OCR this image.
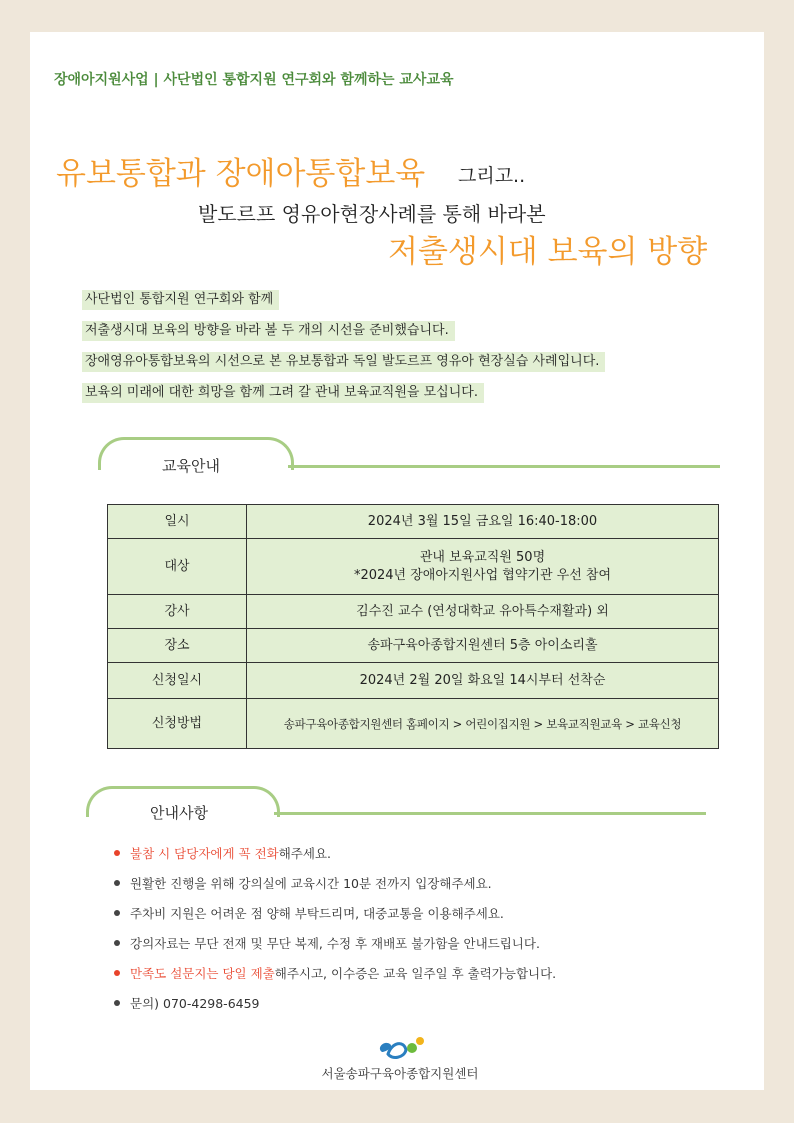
장애아지원사업 | 사단법인 통합지원 연구회와 함께하는 교사교육
유보통합과 장애아통합보육 그리고..
발도르프 영유아현장사례를 통해 바라본
저출생시대 보육의 방향
사단법인 통합지원 연구회와 함께
저출생시대 보육의 방향을 바라 볼 두 개의 시선을 준비했습니다.
장애영유아통합보육의 시선으로 본 유보통합과 독일 발도르프 영유아 현장실습 사례입니다.
보육의 미래에 대한 희망을 함께 그려 갈 관내 보육교직원을 모십니다.
교육안내
일시	2024년 3월 15일 금요일 16:40-18:00
대상	관내 보육교직원 50명
*2024년 장애아지원사업 협약기관 우선 참여

강사	김수진 교수 (연성대학교 유아특수재활과) 외
장소	송파구육아종합지원센터 5층 아이소리홀
신청일시	2024년 2월 20일 화요일 14시부터 선착순
신청방법	송파구육아종합지원센터 홈페이지 > 어린이집지원 > 보육교직원교육 > 교육신청
안내사항
불참 시 담당자에게 꼭 전화해주세요.
원활한 진행을 위해 강의실에 교육시간 10분 전까지 입장해주세요.
주차비 지원은 어려운 점 양해 부탁드리며, 대중교통을 이용해주세요.
강의자료는 무단 전재 및 무단 복제, 수정 후 재배포 불가함을 안내드립니다.
만족도 설문지는 당일 제출해주시고, 이수증은 교육 일주일 후 출력가능합니다.
문의) 070-4298-6459
서울송파구육아종합지원센터
